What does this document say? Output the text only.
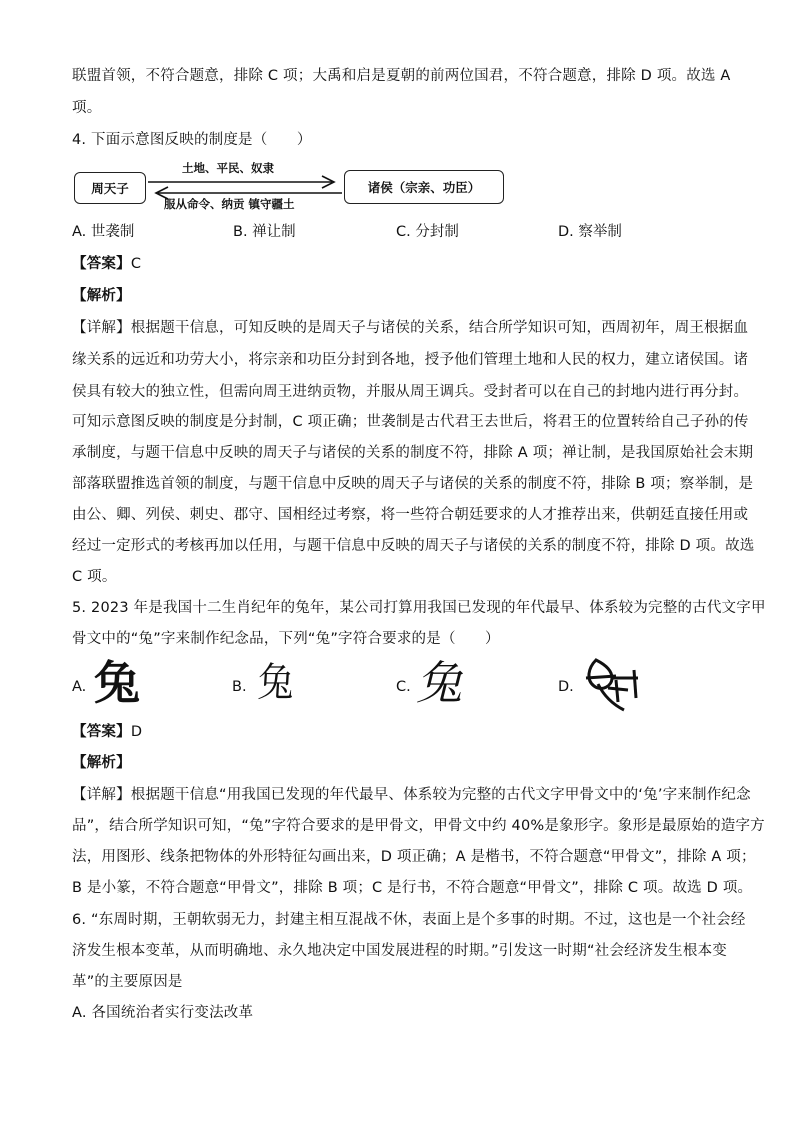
联盟首领，不符合题意，排除 C 项；大禹和启是夏朝的前两位国君，不符合题意，排除 D 项。故选 A
项。
4. 下面示意图反映的制度是（　　）
周天子	诸侯（宗亲、功臣）
土地、平民、奴隶
服从命令、纳贡 镇守疆土
A. 世袭制	B. 禅让制	C. 分封制	D. 察举制
【答案】C
【解析】
【详解】根据题干信息，可知反映的是周天子与诸侯的关系，结合所学知识可知，西周初年，周王根据血
缘关系的远近和功劳大小，将宗亲和功臣分封到各地，授予他们管理土地和人民的权力，建立诸侯国。诸
侯具有较大的独立性，但需向周王进纳贡物，并服从周王调兵。受封者可以在自己的封地内进行再分封。
可知示意图反映的制度是分封制，C 项正确；世袭制是古代君王去世后，将君王的位置转给自己子孙的传
承制度，与题干信息中反映的周天子与诸侯的关系的制度不符，排除 A 项；禅让制，是我国原始社会末期
部落联盟推选首领的制度，与题干信息中反映的周天子与诸侯的关系的制度不符，排除 B 项；察举制，是
由公、卿、列侯、刺史、郡守、国相经过考察，将一些符合朝廷要求的人才推荐出来，供朝廷直接任用或
经过一定形式的考核再加以任用，与题干信息中反映的周天子与诸侯的关系的制度不符，排除 D 项。故选
C 项。
5. 2023 年是我国十二生肖纪年的兔年，某公司打算用我国已发现的年代最早、体系较为完整的古代文字甲
骨文中的“兔”字来制作纪念品，下列“兔”字符合要求的是（　　）
A. 兔	B. 兔	C. 兔	D.
【答案】D
【解析】
【详解】根据题干信息“用我国已发现的年代最早、体系较为完整的古代文字甲骨文中的‘兔’字来制作纪念
品”，结合所学知识可知，“兔”字符合要求的是甲骨文，甲骨文中约 40%是象形字。象形是最原始的造字方
法，用图形、线条把物体的外形特征勾画出来，D 项正确；A 是楷书，不符合题意“甲骨文”，排除 A 项；
B 是小篆，不符合题意“甲骨文”，排除 B 项；C 是行书，不符合题意“甲骨文”，排除 C 项。故选 D 项。
6. “东周时期，王朝软弱无力，封建主相互混战不休，表面上是个多事的时期。不过，这也是一个社会经
济发生根本变革，从而明确地、永久地决定中国发展进程的时期。”引发这一时期“社会经济发生根本变
革”的主要原因是
A. 各国统治者实行变法改革
